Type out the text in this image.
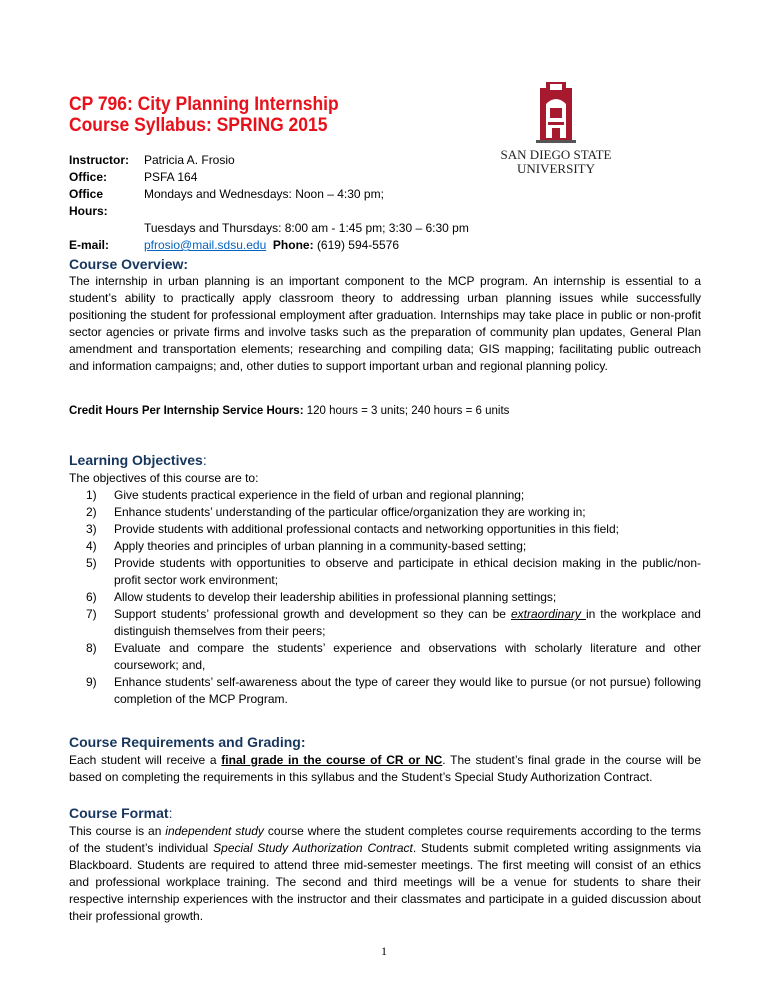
CP 796: City Planning Internship
Course Syllabus: SPRING 2015
SAN DIEGO STATE
UNIVERSITY
Instructor:	Patricia A. Frosio
Office:	PSFA 164
Office Hours:
Mondays and Wednesdays: Noon – 4:30 pm;
Tuesdays and Thursdays: 8:00 am - 1:45 pm; 3:30 – 6:30 pm
E-mail:	pfrosio@mail.sdsu.edu Phone: (619) 594-5576
Course Overview:

The internship in urban planning is an important component to the MCP program. An internship is essential to a student’s ability to practically apply classroom theory to addressing urban planning issues while successfully positioning the student for professional employment after graduation. Internships may take place in public or non-profit sector agencies or private firms and involve tasks such as the preparation of community plan updates, General Plan amendment and transportation elements; researching and compiling data; GIS mapping; facilitating public outreach and information campaigns; and, other duties to support important urban and regional planning policy.

Credit Hours Per Internship Service Hours: 120 hours = 3 units; 240 hours = 6 units
Learning Objectives:

The objectives of this course are to:

1) Give students practical experience in the field of urban and regional planning;
2) Enhance students’ understanding of the particular office/organization they are working in;
3) Provide students with additional professional contacts and networking opportunities in this field;
4) Apply theories and principles of urban planning in a community-based setting;
5) Provide students with opportunities to observe and participate in ethical decision making in the public/non-profit sector work environment;
6) Allow students to develop their leadership abilities in professional planning settings;
7) Support students’ professional growth and development so they can be extraordinary in the workplace and distinguish themselves from their peers;
8) Evaluate and compare the students’ experience and observations with scholarly literature and other coursework; and,
9) Enhance students’ self-awareness about the type of career they would like to pursue (or not pursue) following completion of the MCP Program.
Course Requirements and Grading:

Each student will receive a final grade in the course of CR or NC. The student’s final grade in the course will be based on completing the requirements in this syllabus and the Student’s Special Study Authorization Contract.

Course Format:

This course is an independent study course where the student completes course requirements according to the terms of the student’s individual Special Study Authorization Contract. Students submit completed writing assignments via Blackboard. Students are required to attend three mid-semester meetings. The first meeting will consist of an ethics and professional workplace training. The second and third meetings will be a venue for students to share their respective internship experiences with the instructor and their classmates and participate in a guided discussion about their professional growth.

1
